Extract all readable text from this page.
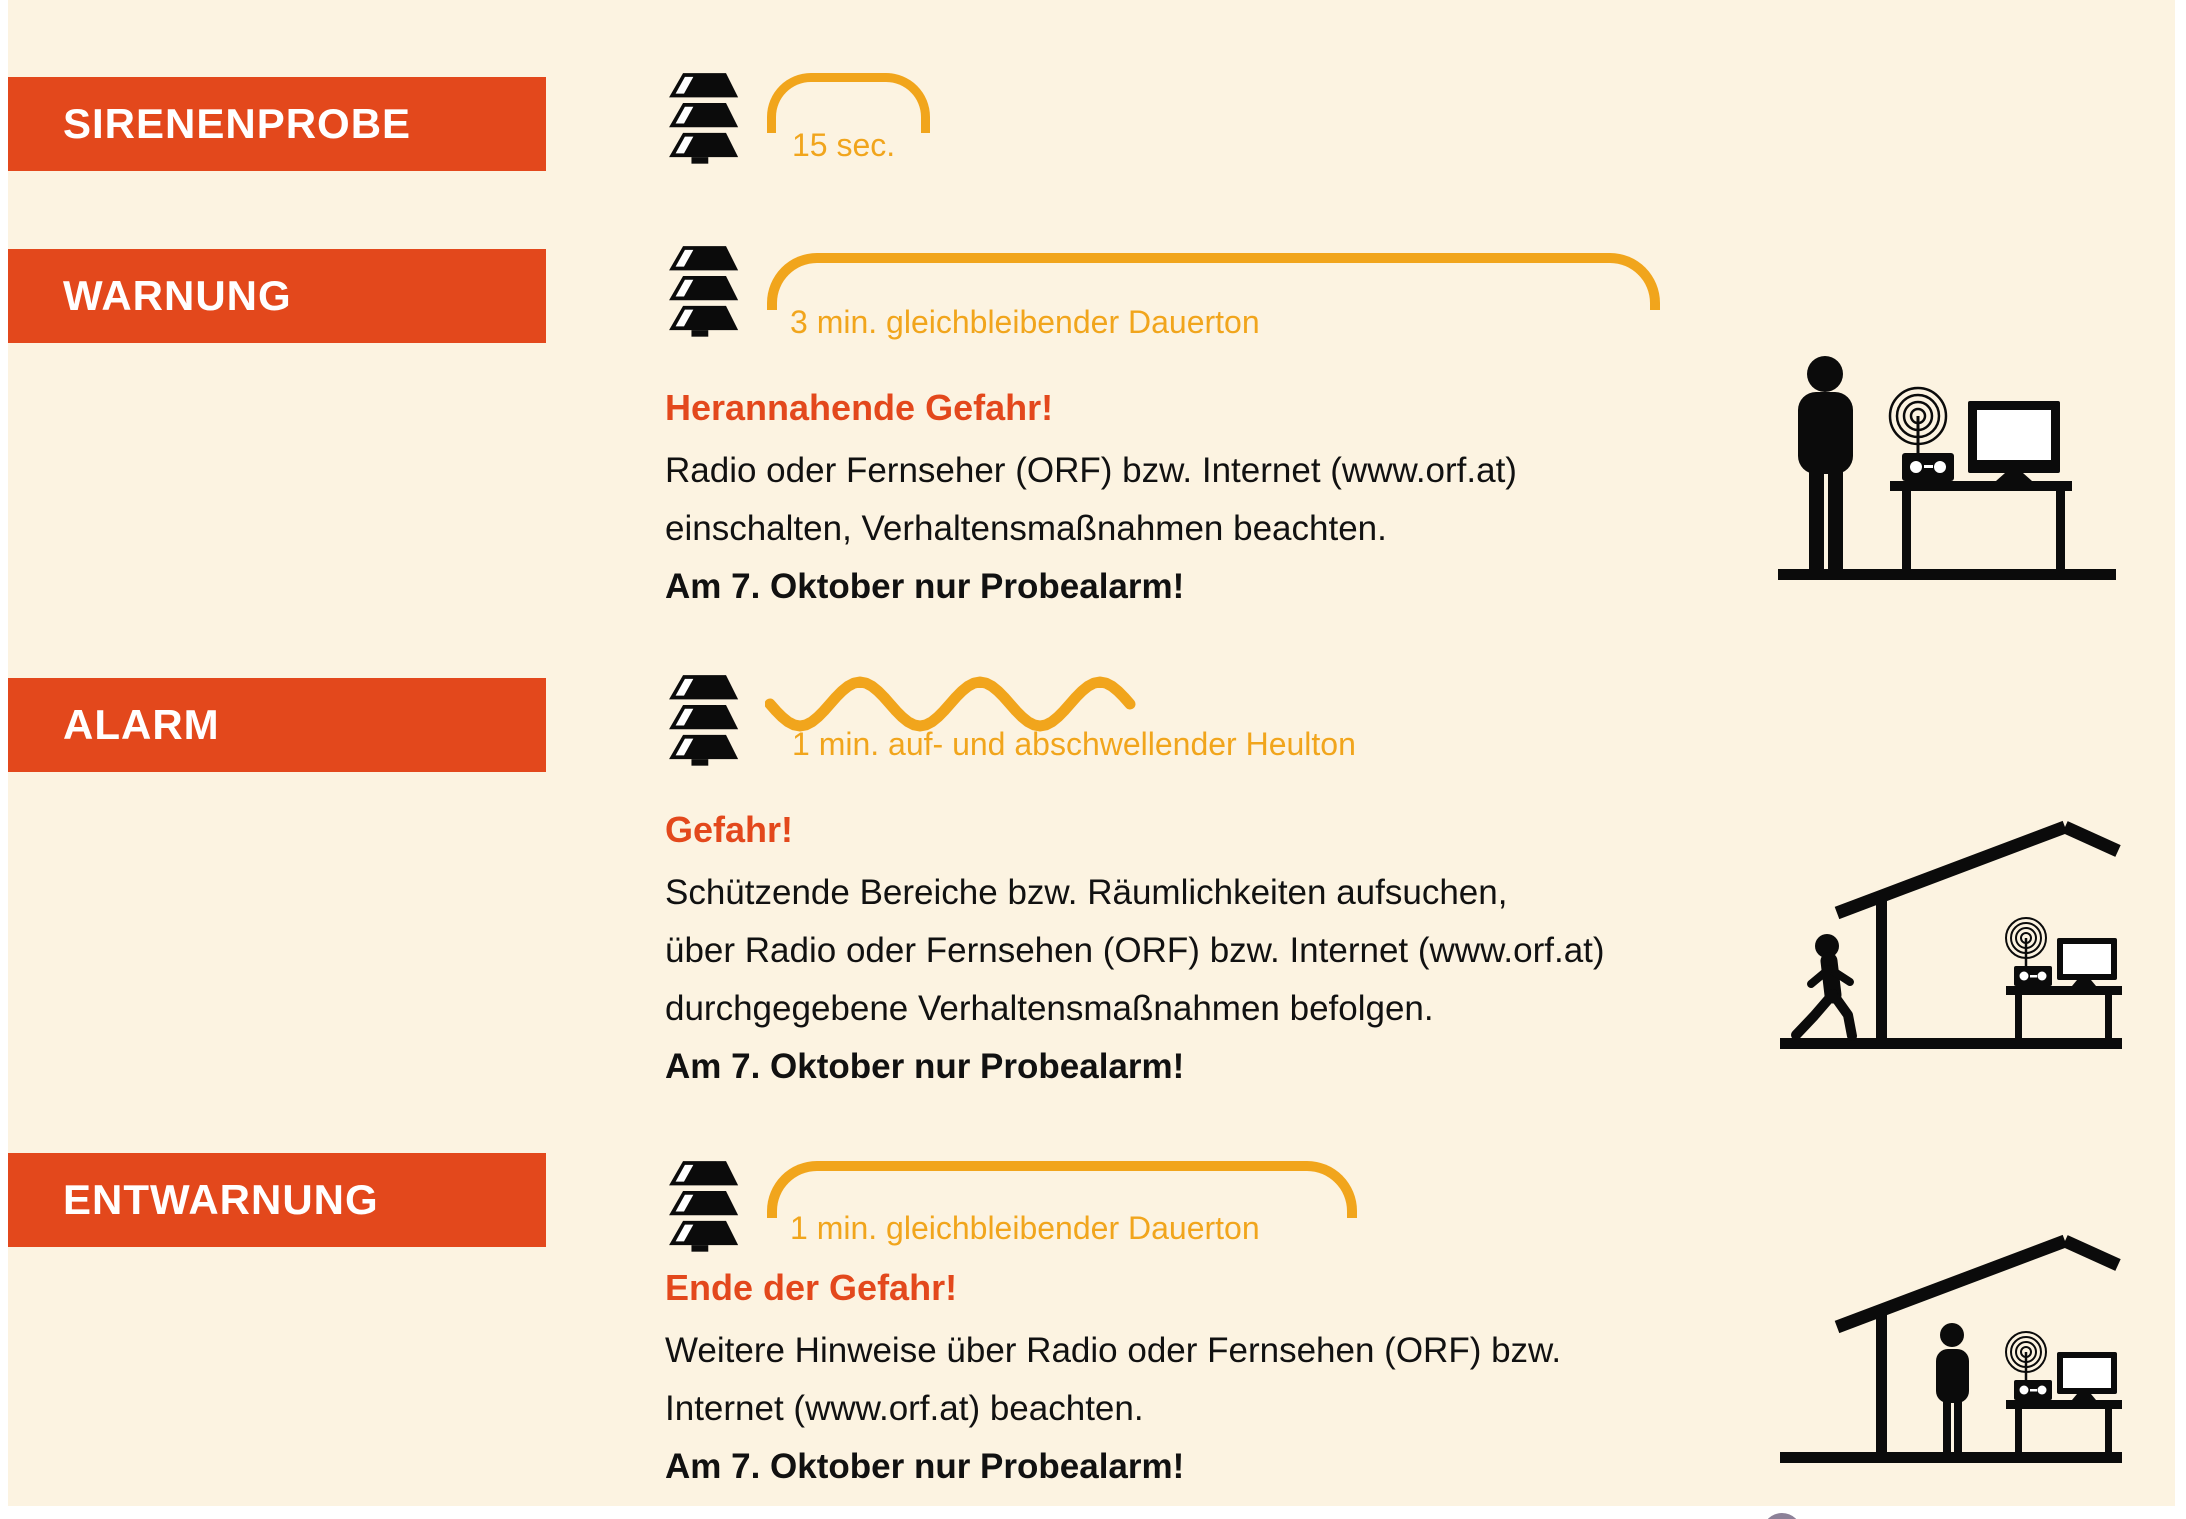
SIRENENPROBE
WARNUNG
ALARM
ENTWARNUNG
15 sec.
3 min. gleichbleibender Dauerton
1 min. auf- und abschwellender Heulton
1 min. gleichbleibender Dauerton
Herannahende Gefahr!
Radio oder Fernseher (ORF) bzw. Internet (www.orf.at)
einschalten, Verhaltensmaßnahmen beachten.
Am 7. Oktober nur Probealarm!
Gefahr!
Schützende Bereiche bzw. Räumlichkeiten aufsuchen,
über Radio oder Fernsehen (ORF) bzw. Internet (www.orf.at)
durchgegebene Verhaltensmaßnahmen befolgen.
Am 7. Oktober nur Probealarm!
Ende der Gefahr!
Weitere Hinweise über Radio oder Fernsehen (ORF) bzw.
Internet (www.orf.at) beachten.
Am 7. Oktober nur Probealarm!
